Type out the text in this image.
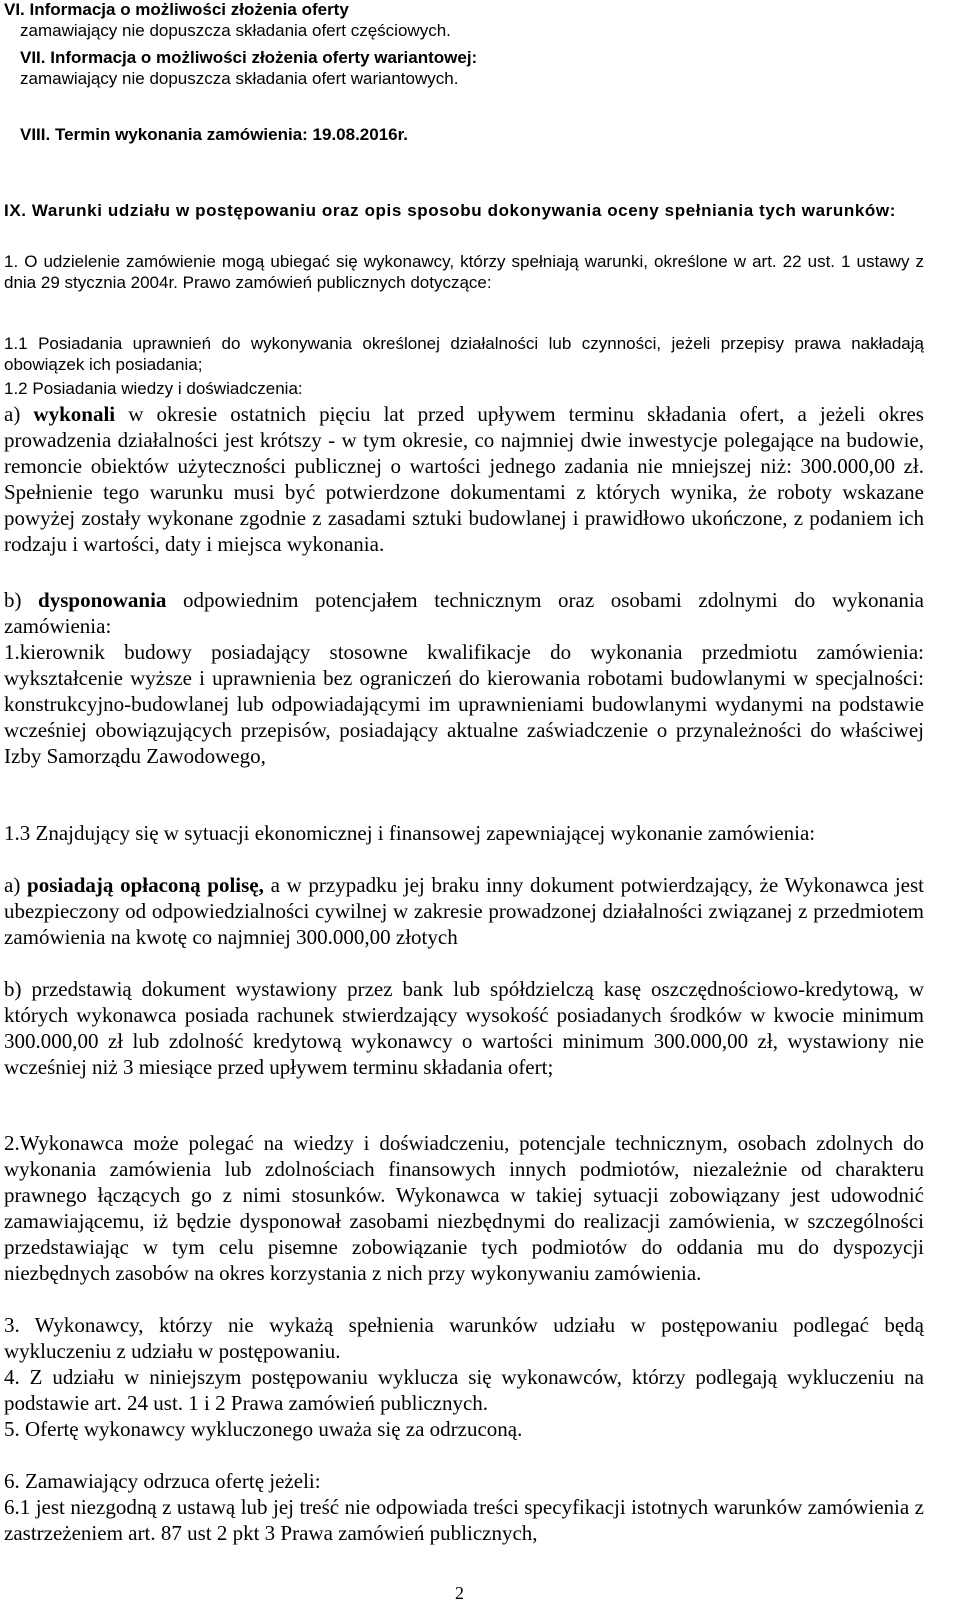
VI. Informacja o możliwości złożenia oferty
zamawiający nie dopuszcza składania ofert częściowych.

VII. Informacja o możliwości złożenia oferty wariantowej:
zamawiający nie dopuszcza składania ofert wariantowych.

VIII. Termin wykonania zamówienia: 19.08.2016r.

IX. Warunki udziału w postępowaniu oraz opis sposobu dokonywania oceny spełniania tych warunków:

1. O udzielenie zamówienie mogą ubiegać się wykonawcy, którzy spełniają warunki, określone w art. 22 ust. 1 ustawy z dnia 29 stycznia 2004r. Prawo zamówień publicznych dotyczące:

1.1 Posiadania uprawnień do wykonywania określonej działalności lub czynności, jeżeli przepisy prawa nakładają obowiązek ich posiadania;

1.2 Posiadania wiedzy i doświadczenia:

a) wykonali w okresie ostatnich pięciu lat przed upływem terminu składania ofert, a jeżeli okres prowadzenia działalności jest krótszy - w tym okresie, co najmniej dwie inwestycje polegające na budowie, remoncie obiektów użyteczności publicznej o wartości jednego zadania nie mniejszej niż: 300.000,00 zł. Spełnienie tego warunku musi być potwierdzone dokumentami z których wynika, że roboty wskazane powyżej zostały wykonane zgodnie z zasadami sztuki budowlanej i prawidłowo ukończone, z podaniem ich rodzaju i wartości, daty i miejsca wykonania.

b) dysponowania odpowiednim potencjałem technicznym oraz osobami zdolnymi do wykonania zamówienia:

1.kierownik budowy posiadający stosowne kwalifikacje do wykonania przedmiotu zamówienia: wykształcenie wyższe i uprawnienia bez ograniczeń do kierowania robotami budowlanymi w specjalności: konstrukcyjno-budowlanej lub odpowiadającymi im uprawnieniami budowlanymi wydanymi na podstawie wcześniej obowiązujących przepisów, posiadający aktualne zaświadczenie o przynależności do właściwej Izby Samorządu Zawodowego,

1.3 Znajdujący się w sytuacji ekonomicznej i finansowej zapewniającej wykonanie zamówienia:

a) posiadają opłaconą polisę, a w przypadku jej braku inny dokument potwierdzający, że Wykonawca jest ubezpieczony od odpowiedzialności cywilnej w zakresie prowadzonej działalności związanej z przedmiotem zamówienia na kwotę co najmniej 300.000,00 złotych

b) przedstawią dokument wystawiony przez bank lub spółdzielczą kasę oszczędnościowo-kredytową, w których wykonawca posiada rachunek stwierdzający wysokość posiadanych środków w kwocie minimum 300.000,00 zł lub zdolność kredytową wykonawcy o wartości minimum 300.000,00 zł, wystawiony nie wcześniej niż 3 miesiące przed upływem terminu składania ofert;

2.Wykonawca może polegać na wiedzy i doświadczeniu, potencjale technicznym, osobach zdolnych do wykonania zamówienia lub zdolnościach finansowych innych podmiotów, niezależnie od charakteru prawnego łączących go z nimi stosunków. Wykonawca w takiej sytuacji zobowiązany jest udowodnić zamawiającemu, iż będzie dysponował zasobami niezbędnymi do realizacji zamówienia, w szczególności przedstawiając w tym celu pisemne zobowiązanie tych podmiotów do oddania mu do dyspozycji niezbędnych zasobów na okres korzystania z nich przy wykonywaniu zamówienia.

3. Wykonawcy, którzy nie wykażą spełnienia warunków udziału w postępowaniu podlegać będą wykluczeniu z udziału w postępowaniu.

4. Z udziału w niniejszym postępowaniu wyklucza się wykonawców, którzy podlegają wykluczeniu na podstawie art. 24 ust. 1 i 2 Prawa zamówień publicznych.

5. Ofertę wykonawcy wykluczonego uważa się za odrzuconą.

6. Zamawiający odrzuca ofertę jeżeli:

6.1 jest niezgodną z ustawą lub jej treść nie odpowiada treści specyfikacji istotnych warunków zamówienia z zastrzeżeniem art. 87 ust 2 pkt 3 Prawa zamówień publicznych,

2
